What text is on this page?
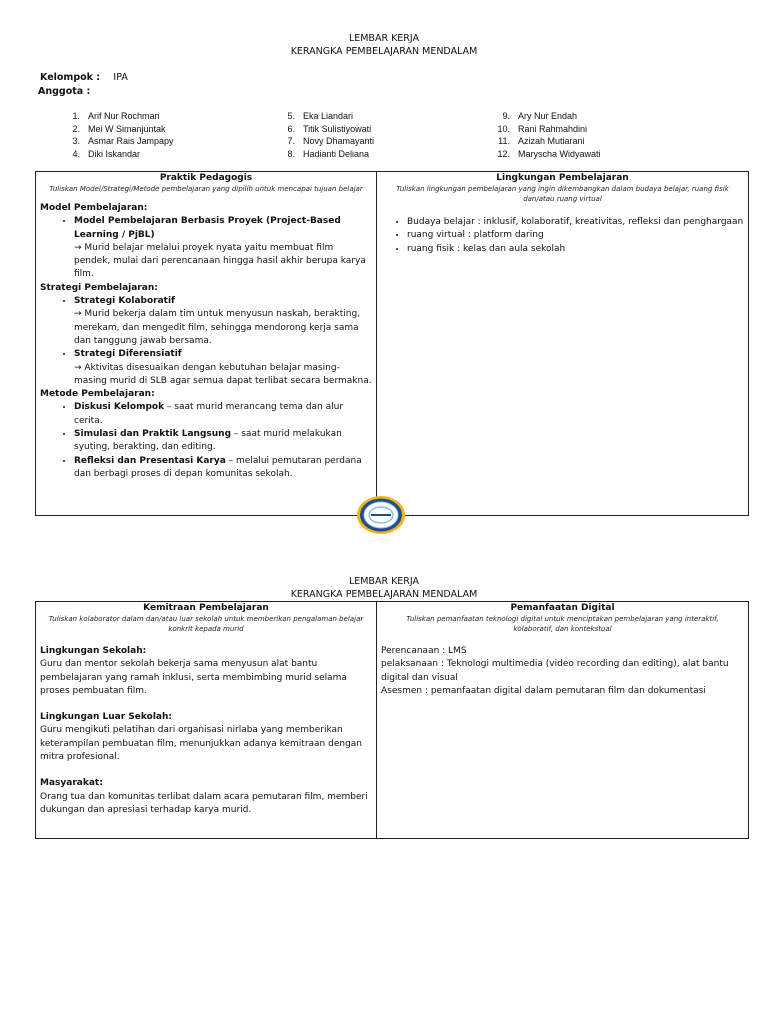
LEMBAR KERJA
KERANGKA PEMBELAJARAN MENDALAM
Kelompok : IPA
Anggota :
1. Arif Nur Rochman
2. Mei W Simanjuntak
3. Asmar Rais Jampapy
4. Diki Iskandar
5. Eka Liandari
6. Titik Sulistiyowati
7. Novy Dhamayanti
8. Hadianti Deliana
9. Ary Nur Endah
10. Rani Rahmahdini
11. Azizah Mutiarani
12. Maryscha Widyawati
Praktik Pedagogis
Tuliskan Model/Strategi/Metode pembelajaran yang dipilih untuk mencapai tujuan belajar
Model Pembelajaran:
• Model Pembelajaran Berbasis Proyek (Project-Based Learning / PjBL)
→ Murid belajar melalui proyek nyata yaitu membuat film pendek, mulai dari perencanaan hingga hasil akhir berupa karya film.
Strategi Pembelajaran:
• Strategi Kolaboratif
→ Murid bekerja dalam tim untuk menyusun naskah, berakting, merekam, dan mengedit film, sehingga mendorong kerja sama dan tanggung jawab bersama.
• Strategi Diferensiatif
→ Aktivitas disesuaikan dengan kebutuhan belajar masing-masing murid di SLB agar semua dapat terlibat secara bermakna.
Metode Pembelajaran:
• Diskusi Kelompok – saat murid merancang tema dan alur cerita.
• Simulasi dan Praktik Langsung – saat murid melakukan syuting, berakting, dan editing.
• Refleksi dan Presentasi Karya – melalui pemutaran perdana dan berbagi proses di depan komunitas sekolah.

Lingkungan Pembelajaran
Tuliskan lingkungan pembelajaran yang ingin dikembangkan dalam budaya belajar, ruang fisik dan/atau ruang virtual
• Budaya belajar : inklusif, kolaboratif, kreativitas, refleksi dan penghargaan
• ruang virtual : platform daring
• ruang fisik : kelas dan aula sekolah
LEMBAR KERJA
KERANGKA PEMBELAJARAN MENDALAM
Kemitraan Pembelajaran
Tuliskan kolaborator dalam dan/atau luar sekolah untuk memberikan pengalaman belajar konkrit kepada murid
Lingkungan Sekolah:
Guru dan mentor sekolah bekerja sama menyusun alat bantu pembelajaran yang ramah inklusi, serta membimbing murid selama proses pembuatan film.
Lingkungan Luar Sekolah:
Guru mengikuti pelatihan dari organisasi nirlaba yang memberikan keterampilan pembuatan film, menunjukkan adanya kemitraan dengan mitra profesional.
Masyarakat:
Orang tua dan komunitas terlibat dalam acara pemutaran film, memberi dukungan dan apresiasi terhadap karya murid.

Pemanfaatan Digital
Tuliskan pemanfaatan teknologi digital untuk menciptakan pembelajaran yang interaktif, kolaboratif, dan kontekstual
Perencanaan : LMS
pelaksanaan : Teknologi multimedia (video recording dan editing), alat bantu digital dan visual
Asesmen : pemanfaatan digital dalam pemutaran film dan dokumentasi
